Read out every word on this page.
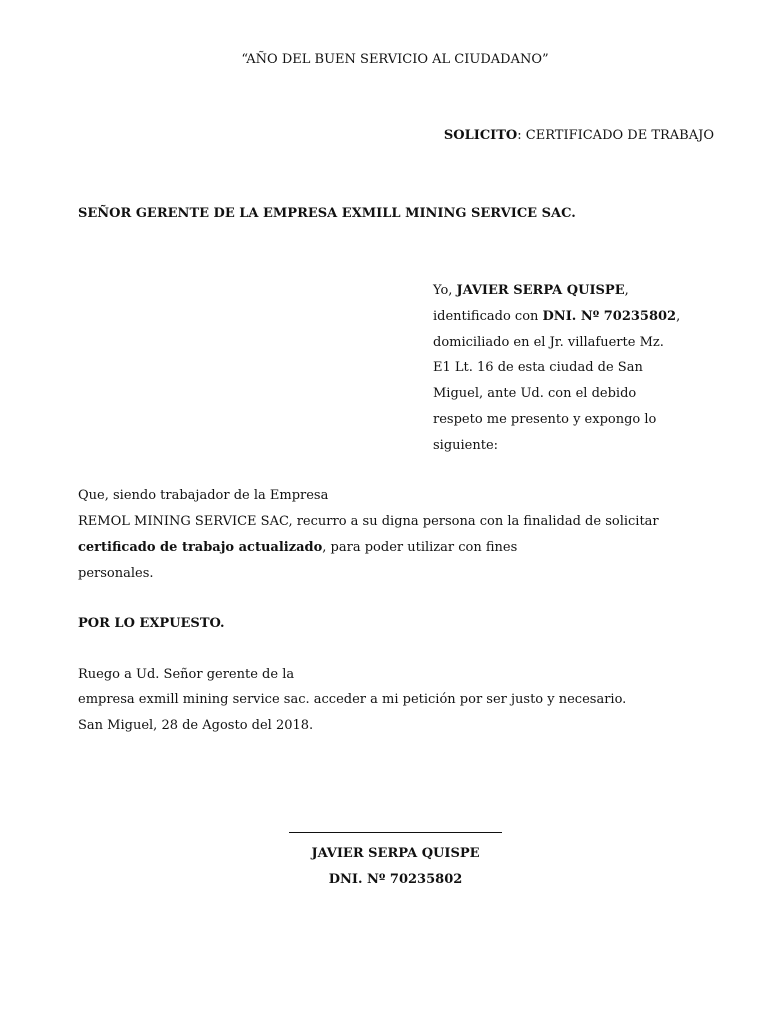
“AÑO DEL BUEN SERVICIO AL CIUDADANO”
SOLICITO: CERTIFICADO DE TRABAJO
SEÑOR GERENTE DE LA EMPRESA EXMILL MINING SERVICE SAC.
Yo, JAVIER SERPA QUISPE,
identificado con DNI. Nº 70235802,
domiciliado en el Jr. villafuerte Mz.
E1 Lt. 16 de esta ciudad de San
Miguel, ante Ud. con el debido
respeto me presento y expongo lo
siguiente:
Que, siendo trabajador de la Empresa
REMOL MINING SERVICE SAC, recurro a su digna persona con la finalidad de solicitar
certificado de trabajo actualizado, para poder utilizar con fines
personales.
POR LO EXPUESTO.
Ruego a Ud. Señor gerente de la
empresa exmill mining service sac. acceder a mi petición por ser justo y necesario.
San Miguel, 28 de Agosto del 2018.
JAVIER SERPA QUISPE
DNI. Nº 70235802
